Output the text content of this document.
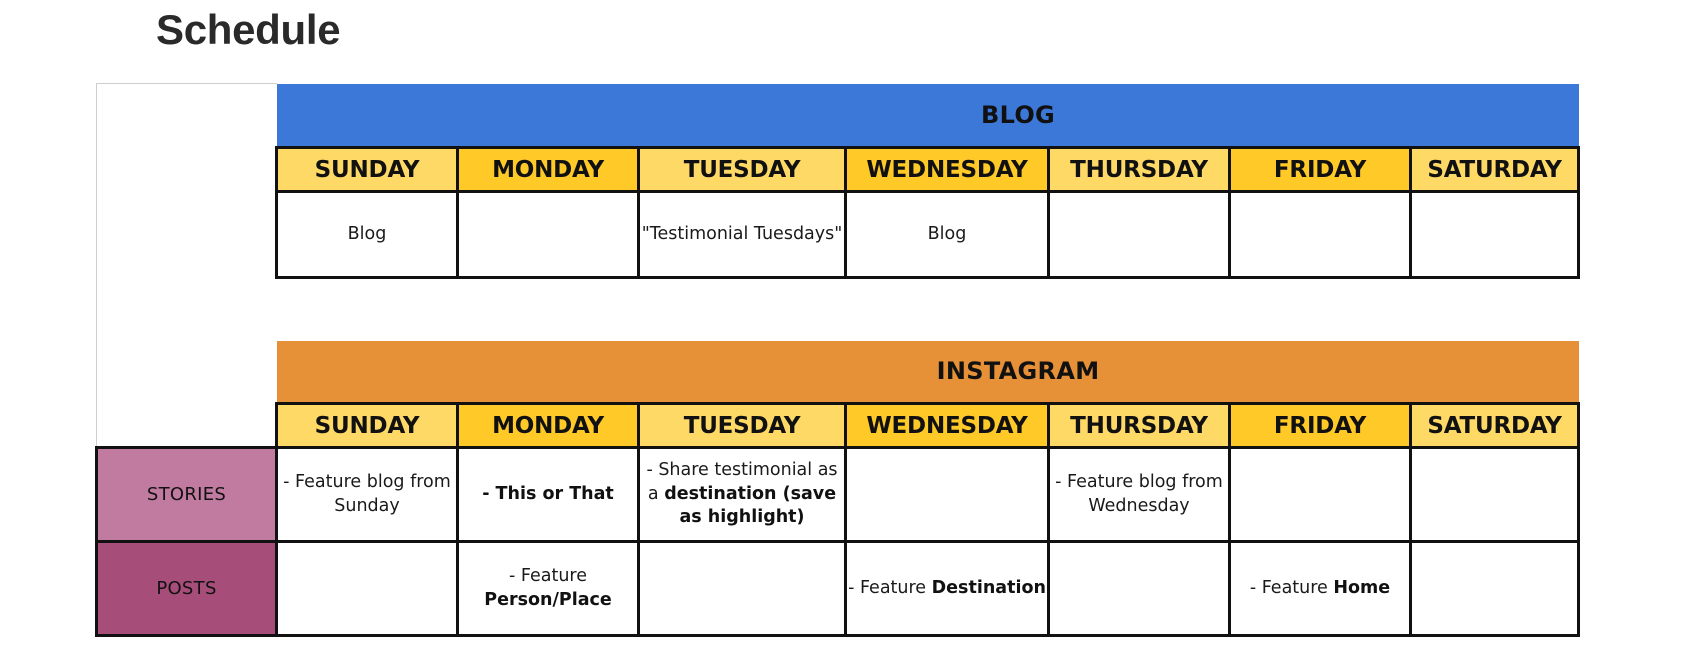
Schedule
		BLOG					
	SUNDAY	MONDAY	TUESDAY	WEDNESDAY	THURSDAY	FRIDAY	SATURDAY
	Blog		"Testimonial Tuesdays"	Blog			

		INSTAGRAM					
	SUNDAY	MONDAY	TUESDAY	WEDNESDAY	THURSDAY	FRIDAY	SATURDAY
STORIES	- Feature blog from Sunday	- This or That	- Share testimonial as a destination (save as highlight)		- Feature blog from Wednesday		
POSTS		- Feature Person/Place		- Feature Destination		- Feature Home	
